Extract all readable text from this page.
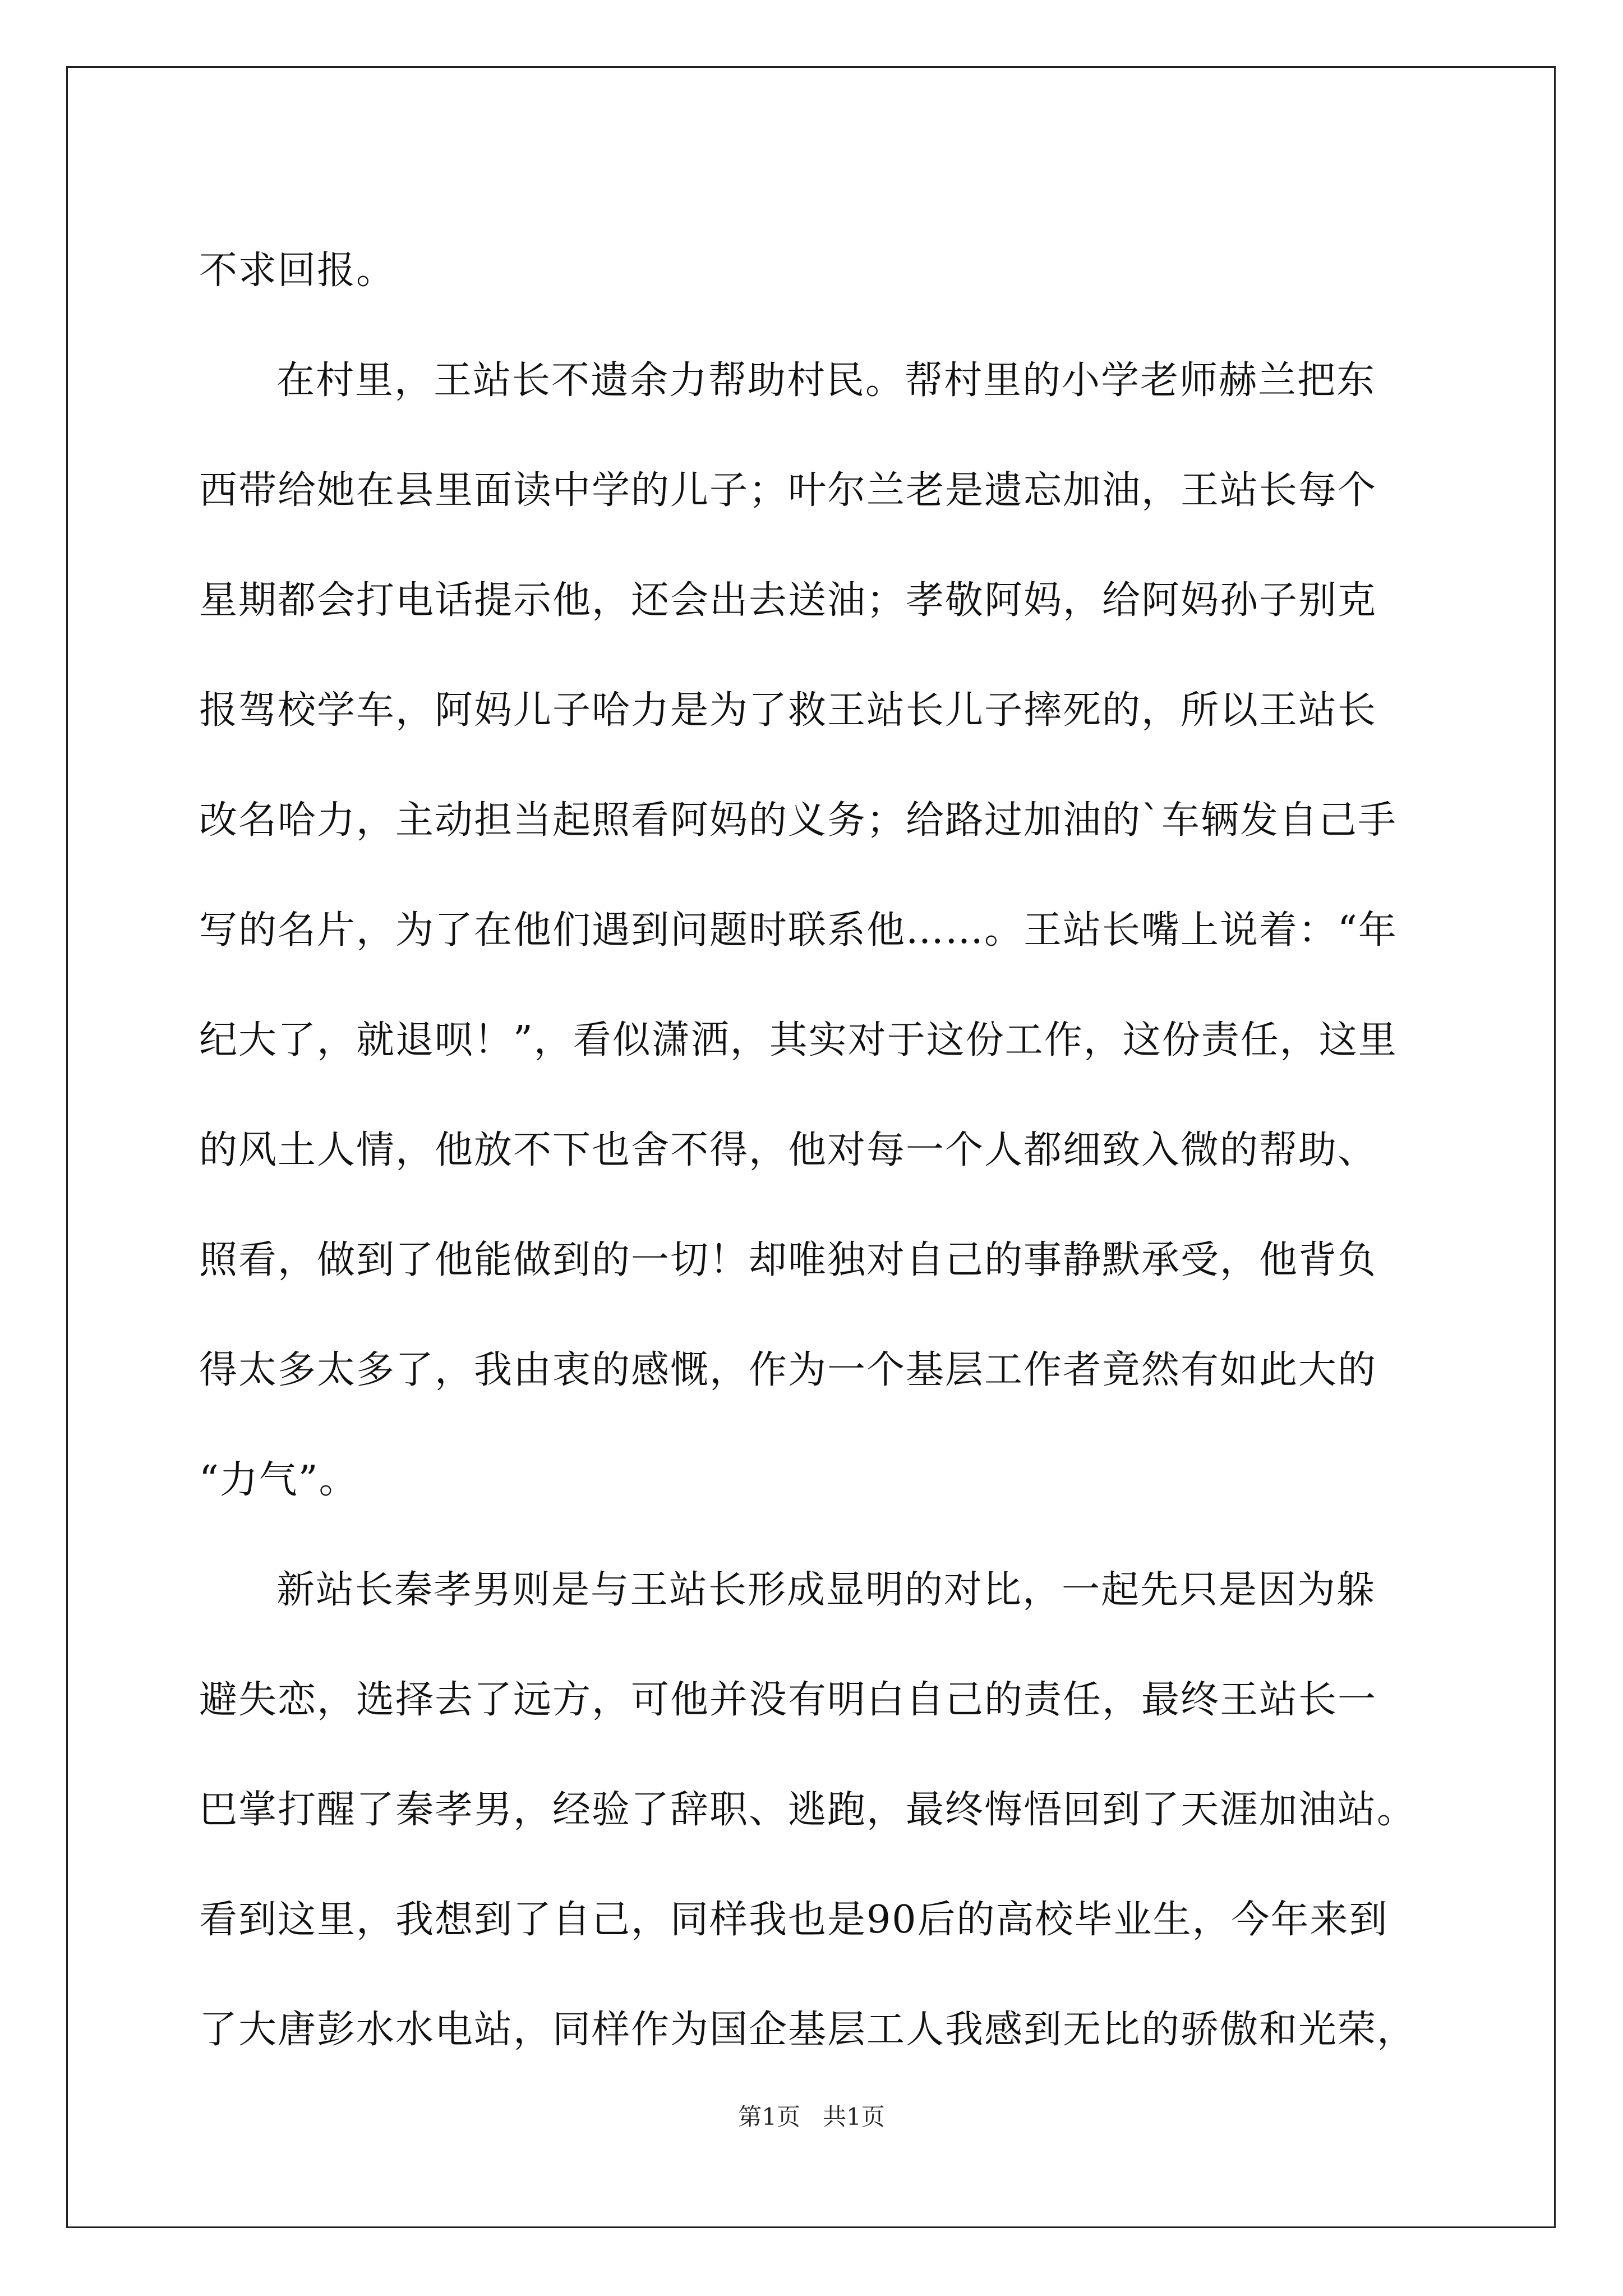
不求回报。
在村里，王站长不遗余力帮助村民。帮村里的小学老师赫兰把东
西带给她在县里面读中学的儿子；叶尔兰老是遗忘加油，王站长每个
星期都会打电话提示他，还会出去送油；孝敬阿妈，给阿妈孙子别克
报驾校学车，阿妈儿子哈力是为了救王站长儿子摔死的，所以王站长
改名哈力，主动担当起照看阿妈的义务；给路过加油的`车辆发自己手
写的名片，为了在他们遇到问题时联系他……。王站长嘴上说着：“年
纪大了，就退呗！”，看似潇洒，其实对于这份工作，这份责任，这里
的风土人情，他放不下也舍不得，他对每一个人都细致入微的帮助、
照看，做到了他能做到的一切！却唯独对自己的事静默承受，他背负
得太多太多了，我由衷的感慨，作为一个基层工作者竟然有如此大的
“力气”。
新站长秦孝男则是与王站长形成显明的对比，一起先只是因为躲
避失恋，选择去了远方，可他并没有明白自己的责任，最终王站长一
巴掌打醒了秦孝男，经验了辞职、逃跑，最终悔悟回到了天涯加油站。
看到这里，我想到了自己，同样我也是90后的高校毕业生，今年来到
了大唐彭水水电站，同样作为国企基层工人我感到无比的骄傲和光荣，
第1页 共1页
